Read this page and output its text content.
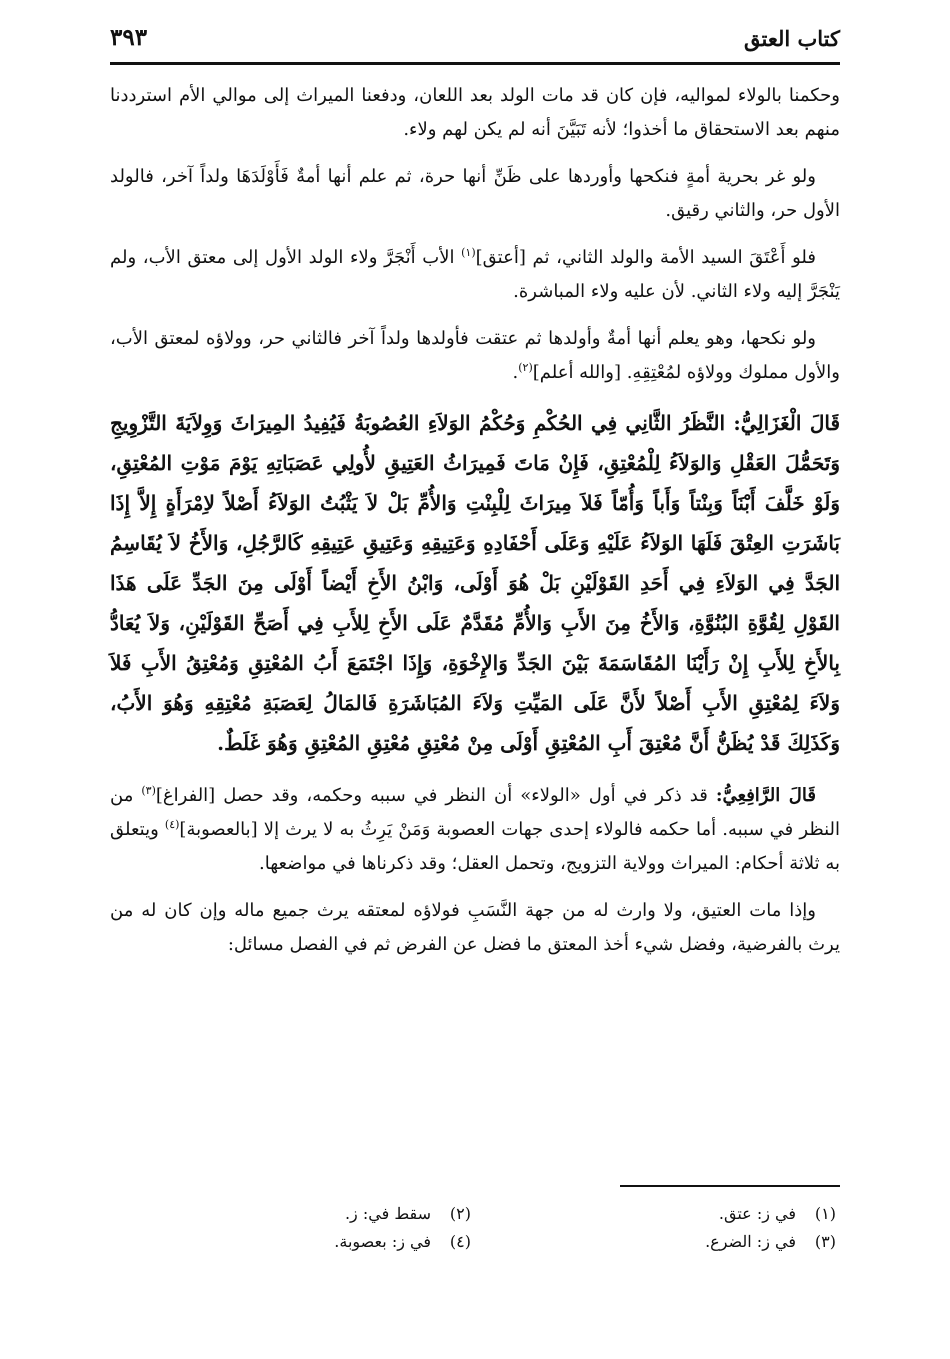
كتاب العتق
٣٩٣

وحكمنا بالولاء لمواليه، فإن كان قد مات الولد بعد اللعان، ودفعنا الميراث إلى موالي الأم استرددنا منهم بعد الاستحقاق ما أخذوا؛ لأنه تَبَيَّنَ أنه لم يكن لهم ولاء.

ولو غر بحرية أمةٍ فنكحها وأوردها على ظَنِّ أنها حرة، ثم علم أنها أمةٌ فَأَوْلَدَهَا ولداً آخر، فالولد الأول حر، والثاني رقيق.

فلو أَعْتَقَ السيد الأمة والولد الثاني، ثم [أعتق]$^{(١)}$ الأب أَنْجَرَّ ولاء الولد الأول إلى معتق الأب، ولم يَنْجَرَّ إليه ولاء الثاني. لأن عليه ولاء المباشرة.

ولو نكحها، وهو يعلم أنها أمةٌ وأولدها ثم عتقت فأولدها ولداً آخر فالثاني حر، وولاؤه لمعتق الأب، والأول مملوك وولاؤه لمُعْتِقِهِ. [والله أعلم]$^{(٢)}$.

قَالَ الْغَزَالِيُّ: النَّظَرُ الثَّانِي فِي الحُكْمِ وَحُكْمُ الوَلاَءِ العُصُوبَةُ فَيُفِيدُ المِيرَاثَ وَوِلاَيَةَ التَّزْوِيجِ وَتَحَمُّلَ العَقْلِ وَالوَلاَءُ لِلْمُعْتِقِ، فَإِنْ مَاتَ فَمِيرَاثُ العَتِيقِ لأُولِي عَصَبَاتِهِ يَوْمَ مَوْتِ المُعْتِقِ، وَلَوْ خَلَّفَ أَبْنَاً وَبِنْتاً وَأَباً وَأُمّاً فَلاَ مِيرَاثَ لِلْبِنْتِ وَالأُمِّ بَلْ لاَ يَثْبُتُ الوَلاَءُ أَصْلاً لاِمْرَأَةٍ إِلاَّ إِذَا بَاشَرَتِ العِتْقَ فَلَهَا الوَلاَءُ عَلَيْهِ وَعَلَى أَحْفَادِهِ وَعَتِيقِهِ وَعَتِيقِ عَتِيقِهِ كَالرَّجُلِ، وَالأَخُ لاَ يُقَاسِمُ الجَدَّ فِي الوَلاَءِ فِي أَحَدِ القَوْلَيْنِ بَلْ هُوَ أَوْلَى، وَابْنُ الأَخِ أَيْضاً أَوْلَى مِنَ الجَدِّ عَلَى هَذَا القَوْلِ لِقُوَّةِ البُنُوَّةِ، وَالأَخُ مِنَ الأَبِ وَالأُمِّ مُقَدَّمٌ عَلَى الأَخِ لِلأَبِ فِي أَصَحِّ القَوْلَيْنِ، وَلاَ يُعَادُّ بِالأَخِ لِلأَبِ إِنْ رَأَيْنَا المُقَاسَمَةَ بَيْنَ الجَدِّ وَالإِخْوَةِ، وَإِذَا اجْتَمَعَ أَبُ المُعْتِقِ وَمُعْتِقُ الأَبِ فَلاَ وَلاَءَ لِمُعْتِقِ الأَبِ أَصْلاً لأَنَّ عَلَى المَيِّتِ وَلاَءَ المُبَاشَرَةِ فَالمَالُ لِعَصَبَةِ مُعْتِقِهِ وَهُوَ الأَبُ، وَكَذَلِكَ قَدْ يُظَنُّ أَنَّ مُعْتِقَ أَبِ المُعْتِقِ أَوْلَى مِنْ مُعْتِقِ مُعْتِقِ المُعْتِقِ وَهُوَ غَلَطٌ.

قَالَ الرَّافِعِيُّ: قد ذكر في أول «الولاء» أن النظر في سببه وحكمه، وقد حصل [الفراغ]$^{(٣)}$ من النظر في سببه. أما حكمه فالولاء إحدى جهات العصوبة وَمَنْ يَرِثُ به لا يرث إلا [بالعصوبة]$^{(٤)}$ ويتعلق به ثلاثة أحكام: الميراث وولاية التزويج، وتحمل العقل؛ وقد ذكرناها في مواضعها.

وإذا مات العتيق، ولا وارث له من جهة النَّسَبِ فولاؤه لمعتقه يرث جميع ماله وإن كان له من يرث بالفرضية، وفضل شيء أخذ المعتق ما فضل عن الفرض ثم في الفصل مسائل:

(١)في ز: عتق.
(٢)سقط في: ز.
(٣)في ز: الضرع.
(٤)في ز: بعصوبة.
